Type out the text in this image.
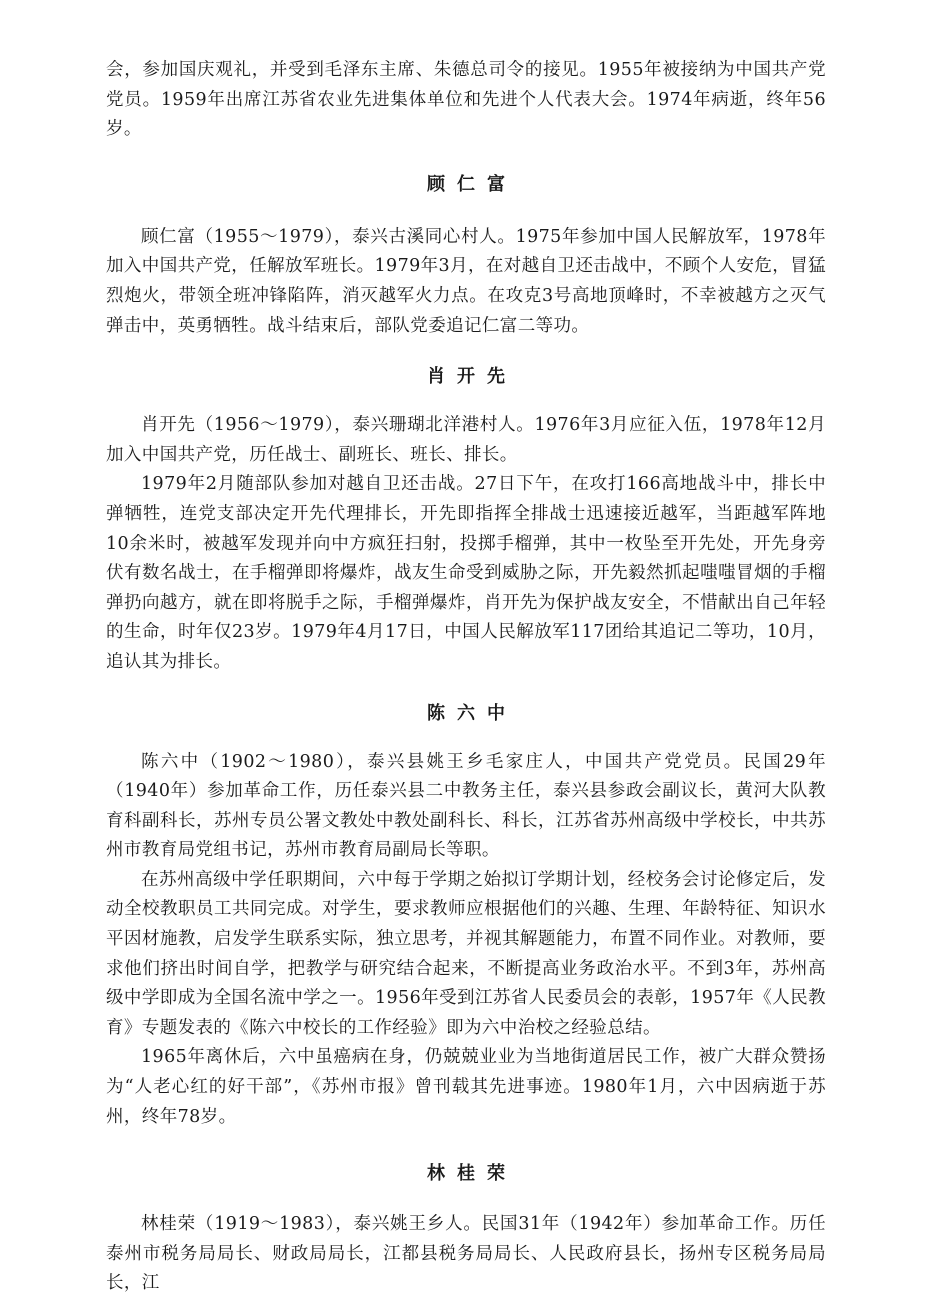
会，参加国庆观礼，并受到毛泽东主席、朱德总司令的接见。1955年被接纳为中国共产党党员。1959年出席江苏省农业先进集体单位和先进个人代表大会。1974年病逝，终年56岁。

顾仁富

顾仁富（1955～1979），泰兴古溪同心村人。1975年参加中国人民解放军，1978年加入中国共产党，任解放军班长。1979年3月，在对越自卫还击战中，不顾个人安危，冒猛烈炮火，带领全班冲锋陷阵，消灭越军火力点。在攻克3号高地顶峰时，不幸被越方之灭气弹击中，英勇牺牲。战斗结束后，部队党委追记仁富二等功。

肖开先

肖开先（1956～1979），泰兴珊瑚北洋港村人。1976年3月应征入伍，1978年12月加入中国共产党，历任战士、副班长、班长、排长。

1979年2月随部队参加对越自卫还击战。27日下午，在攻打166高地战斗中，排长中弹牺牲，连党支部决定开先代理排长，开先即指挥全排战士迅速接近越军，当距越军阵地10余米时，被越军发现并向中方疯狂扫射，投掷手榴弹，其中一枚坠至开先处，开先身旁伏有数名战士，在手榴弹即将爆炸，战友生命受到威胁之际，开先毅然抓起嗤嗤冒烟的手榴弹扔向越方，就在即将脱手之际，手榴弹爆炸，肖开先为保护战友安全，不惜献出自己年轻的生命，时年仅23岁。1979年4月17日，中国人民解放军117团给其追记二等功，10月，追认其为排长。

陈六中

陈六中（1902～1980），泰兴县姚王乡毛家庄人，中国共产党党员。民国29年（1940年）参加革命工作，历任泰兴县二中教务主任，泰兴县参政会副议长，黄河大队教育科副科长，苏州专员公署文教处中教处副科长、科长，江苏省苏州高级中学校长，中共苏州市教育局党组书记，苏州市教育局副局长等职。

在苏州高级中学任职期间，六中每于学期之始拟订学期计划，经校务会讨论修定后，发动全校教职员工共同完成。对学生，要求教师应根据他们的兴趣、生理、年龄特征、知识水平因材施教，启发学生联系实际，独立思考，并视其解题能力，布置不同作业。对教师，要求他们挤出时间自学，把教学与研究结合起来，不断提高业务政治水平。不到3年，苏州高级中学即成为全国名流中学之一。1956年受到江苏省人民委员会的表彰，1957年《人民教育》专题发表的《陈六中校长的工作经验》即为六中治校之经验总结。

1965年离休后，六中虽癌病在身，仍兢兢业业为当地街道居民工作，被广大群众赞扬为“人老心红的好干部”，《苏州市报》曾刊载其先进事迹。1980年1月，六中因病逝于苏州，终年78岁。

林桂荣

林桂荣（1919～1983），泰兴姚王乡人。民国31年（1942年）参加革命工作。历任泰州市税务局局长、财政局局长，江都县税务局局长、人民政府县长，扬州专区税务局局长，江
